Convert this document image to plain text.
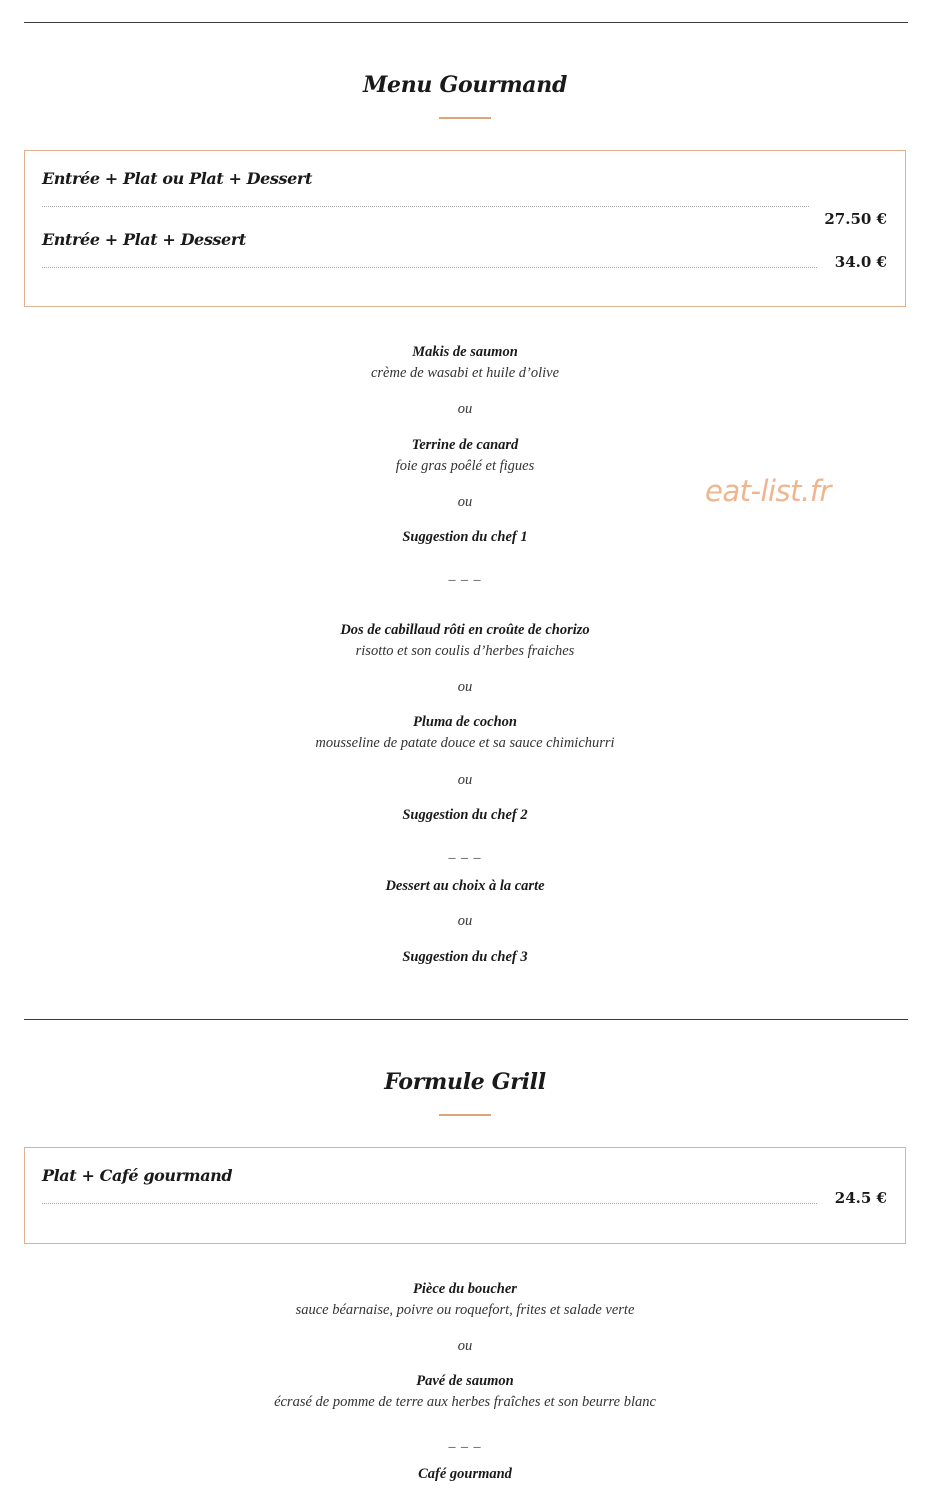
Menu Gourmand
Entrée + Plat ou Plat + Dessert
27.50 €
Entrée + Plat + Dessert
34.0 €
Makis de saumon
crème de wasabi et huile d’olive
ou
Terrine de canard
foie gras poêlé et figues
ou
Suggestion du chef 1
_ _ _
Dos de cabillaud rôti en croûte de chorizo
risotto et son coulis d’herbes fraiches
ou
Pluma de cochon
mousseline de patate douce et sa sauce chimichurri
ou
Suggestion du chef 2
_ _ _
Dessert au choix à la carte
ou
Suggestion du chef 3
eat-list.fr
Formule Grill
Plat + Café gourmand
24.5 €
Pièce du boucher
sauce béarnaise, poivre ou roquefort, frites et salade verte
ou
Pavé de saumon
écrasé de pomme de terre aux herbes fraîches et son beurre blanc
_ _ _
Café gourmand
